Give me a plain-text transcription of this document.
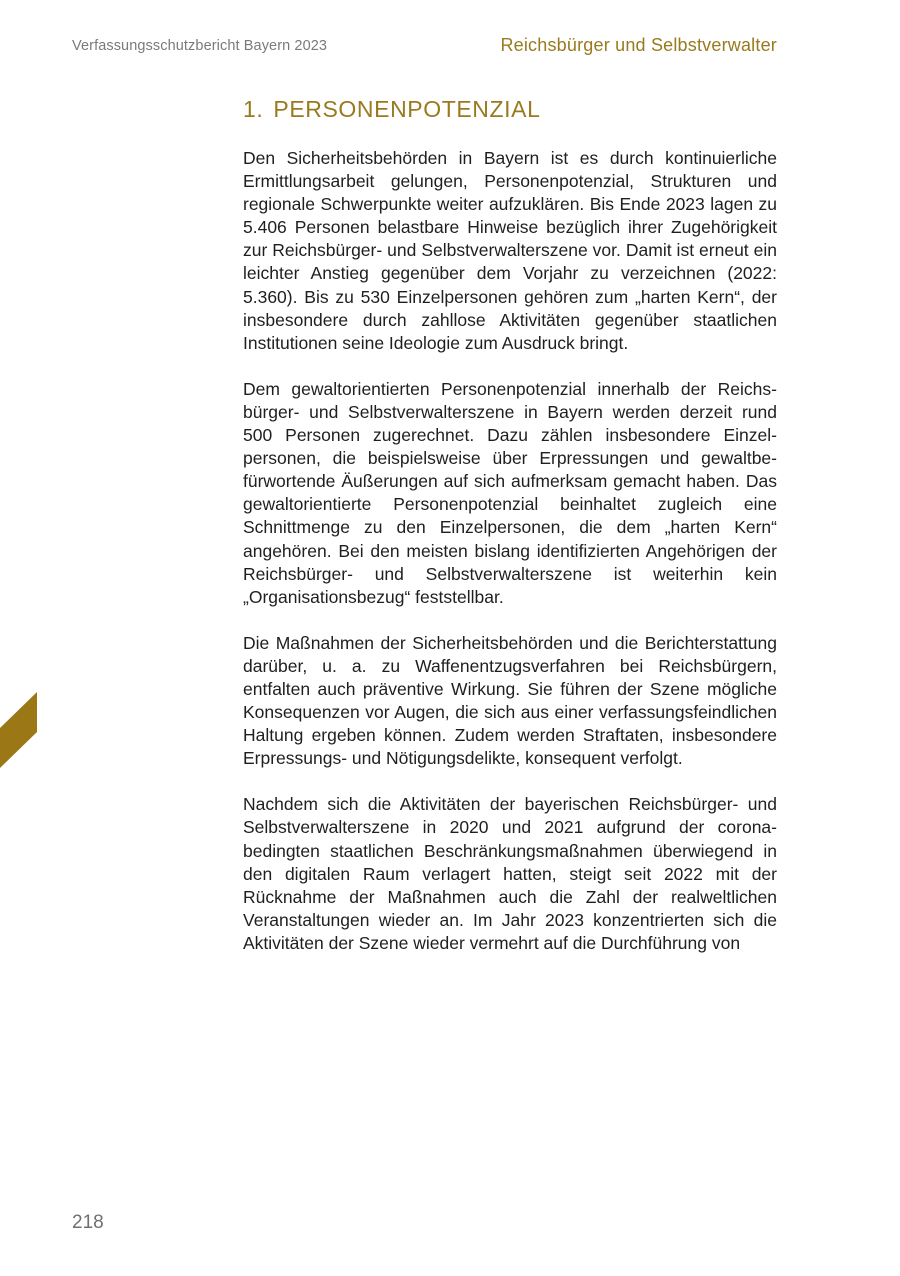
Verfassungsschutzbericht Bayern 2023	Reichsbürger und Selbstverwalter
1. PERSONENPOTENZIAL

Den Sicherheitsbehörden in Bayern ist es durch kontinuierliche Ermittlungsarbeit gelungen, Personenpotenzial, Strukturen und regionale Schwerpunkte weiter aufzuklären. Bis Ende 2023 lagen zu 5.406 Personen belastbare Hinweise bezüglich ihrer Zugehörigkeit zur Reichsbürger- und Selbstverwalterszene vor. Damit ist erneut ein leichter Anstieg gegenüber dem Vorjahr zu verzeichnen (2022: 5.360). Bis zu 530 Einzelpersonen gehören zum „harten Kern“, der insbesondere durch zahllose Aktivitäten gegenüber staatlichen Institutionen seine Ideologie zum Ausdruck bringt.

Dem gewaltorientierten Personenpotenzial innerhalb der Reichsbürger- und Selbstverwalterszene in Bayern werden derzeit rund 500 Personen zugerechnet. Dazu zählen insbesondere Einzelpersonen, die beispielsweise über Erpressungen und gewaltbefürwortende Äußerungen auf sich aufmerksam gemacht haben. Das gewaltorientierte Personenpotenzial beinhaltet zugleich eine Schnittmenge zu den Einzelpersonen, die dem „harten Kern“ angehören. Bei den meisten bislang identifizierten Angehörigen der Reichsbürger- und Selbstverwalterszene ist weiterhin kein „Organisationsbezug“ feststellbar.

Die Maßnahmen der Sicherheitsbehörden und die Berichterstattung darüber, u. a. zu Waffenentzugsverfahren bei Reichsbürgern, entfalten auch präventive Wirkung. Sie führen der Szene mögliche Konsequenzen vor Augen, die sich aus einer verfassungsfeindlichen Haltung ergeben können. Zudem werden Straftaten, insbesondere Erpressungs- und Nötigungsdelikte, konsequent verfolgt.

Nachdem sich die Aktivitäten der bayerischen Reichsbürger- und Selbstverwalterszene in 2020 und 2021 aufgrund der coronabedingten staatlichen Beschränkungsmaßnahmen überwiegend in den digitalen Raum verlagert hatten, steigt seit 2022 mit der Rücknahme der Maßnahmen auch die Zahl der realweltlichen Veranstaltungen wieder an. Im Jahr 2023 konzentrierten sich die Aktivitäten der Szene wieder vermehrt auf die Durchführung von

218
